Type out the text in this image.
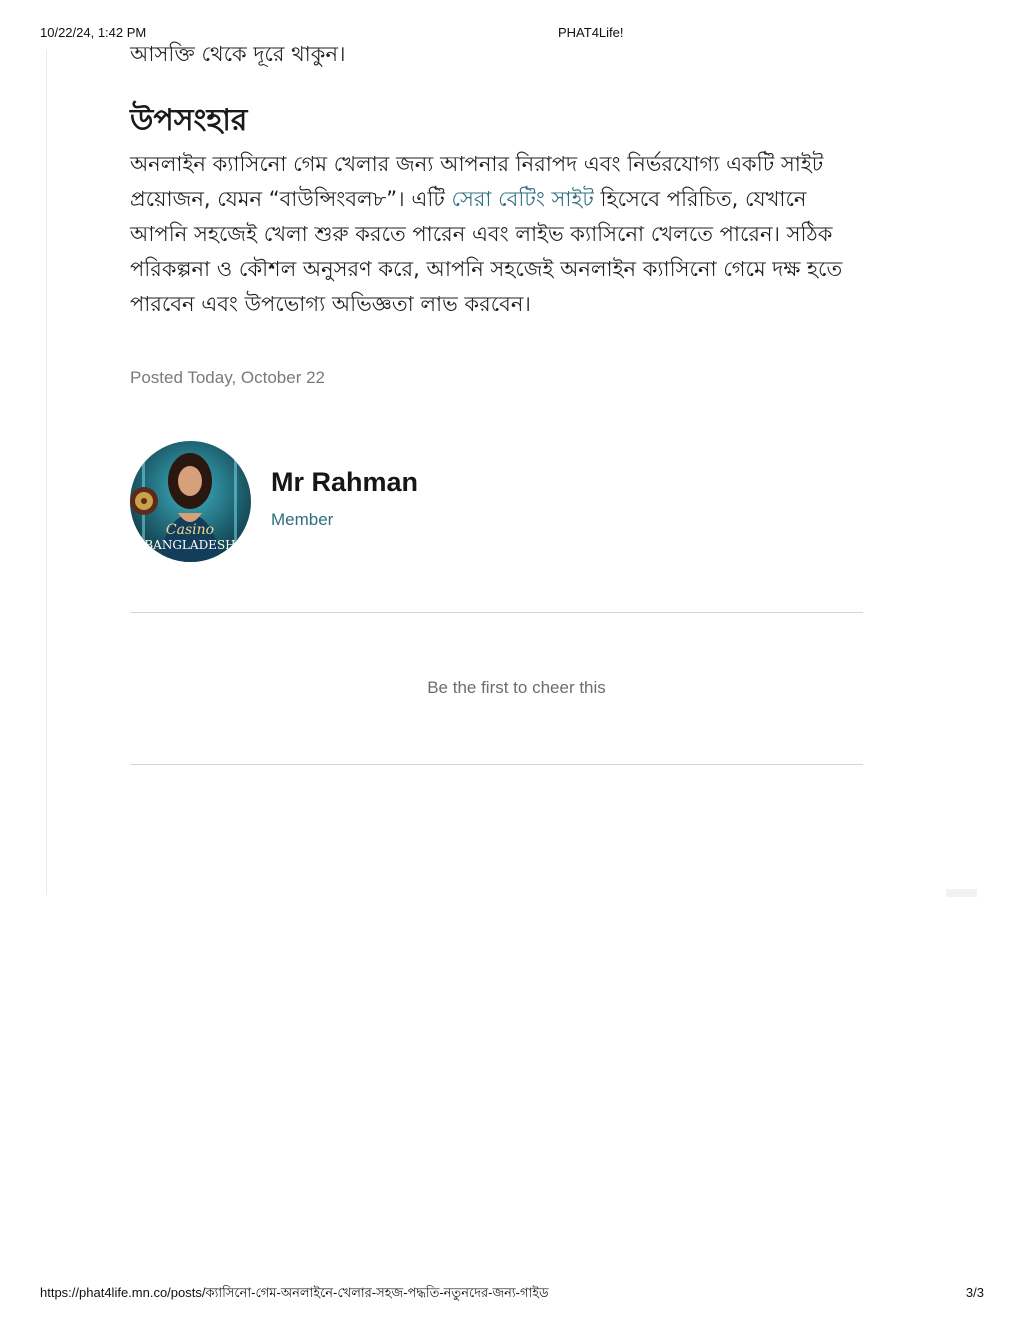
10/22/24, 1:42 PM	PHAT4Life!
আসক্তি থেকে দূরে থাকুন।
উপসংহার
অনলাইন ক্যাসিনো গেম খেলার জন্য আপনার নিরাপদ এবং নির্ভরযোগ্য একটি সাইট প্রয়োজন, যেমন “বাউন্সিংবল৮”। এটি সেরা বেটিং সাইট হিসেবে পরিচিত, যেখানে আপনি সহজেই খেলা শুরু করতে পারেন এবং লাইভ ক্যাসিনো খেলতে পারেন। সঠিক পরিকল্পনা ও কৌশল অনুসরণ করে, আপনি সহজেই অনলাইন ক্যাসিনো গেমে দক্ষ হতে পারবেন এবং উপভোগ্য অভিজ্ঞতা লাভ করবেন।
Posted Today, October 22
Casino
BANGLADESH
Mr Rahman
Member
Be the first to cheer this
https://phat4life.mn.co/posts/ক্যাসিনো-গেম-অনলাইনে-খেলার-সহজ-পদ্ধতি-নতুনদের-জন্য-গাইড	3/3
